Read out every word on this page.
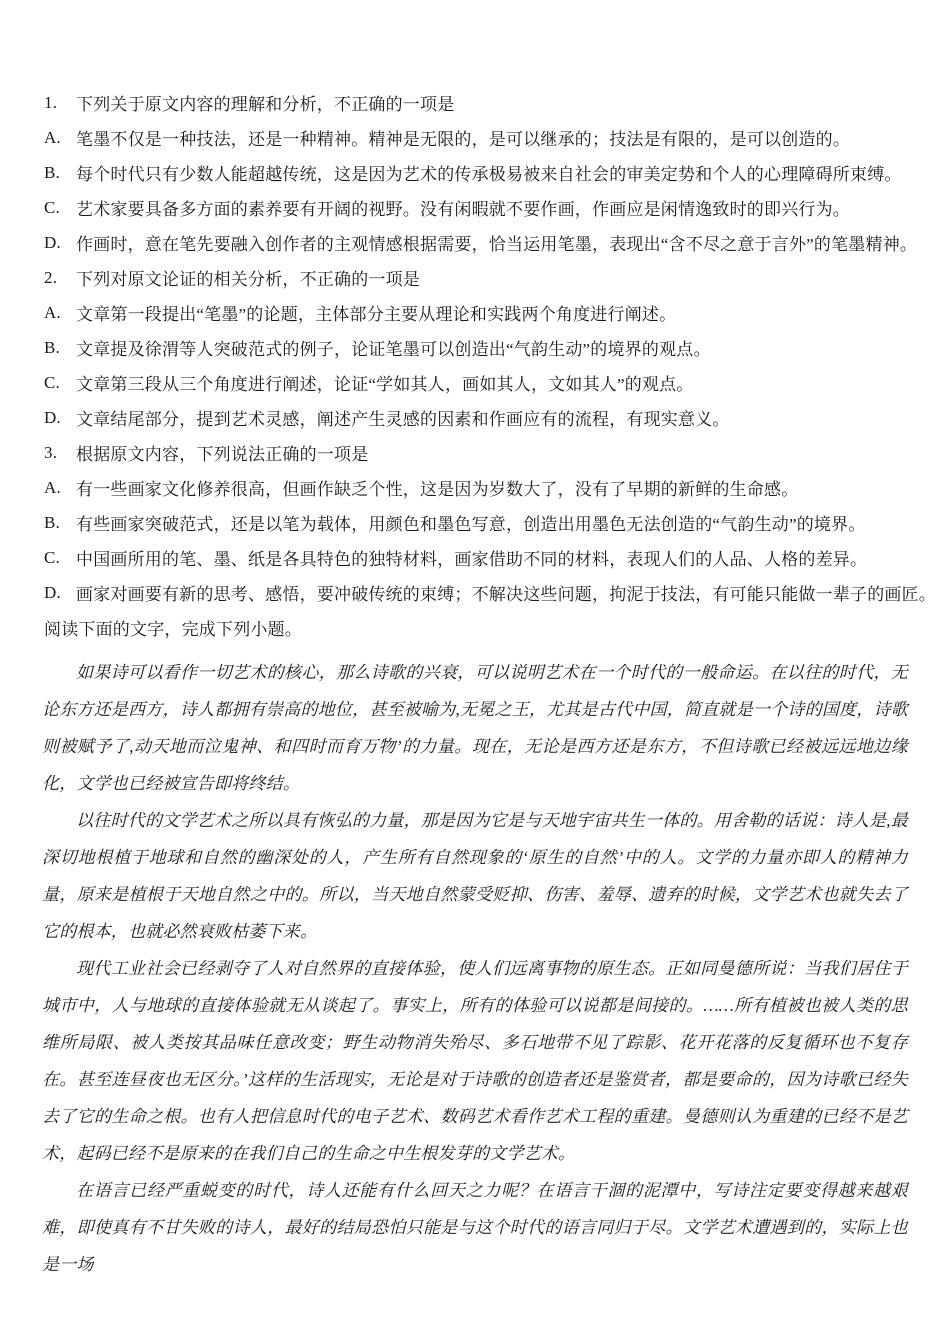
1.	下列关于原文内容的理解和分析，不正确的一项是
A. 笔墨不仅是一种技法，还是一种精神。精神是无限的，是可以继承的；技法是有限的，是可以创造的。
B. 每个时代只有少数人能超越传统，这是因为艺术的传承极易被来自社会的审美定势和个人的心理障碍所束缚。
C. 艺术家要具备多方面的素养要有开阔的视野。没有闲暇就不要作画，作画应是闲情逸致时的即兴行为。
D. 作画时，意在笔先要融入创作者的主观情感根据需要，恰当运用笔墨，表现出“含不尽之意于言外”的笔墨精神。
2.	下列对原文论证的相关分析，不正确的一项是
A. 文章第一段提出“笔墨”的论题，主体部分主要从理论和实践两个角度进行阐述。
B. 文章提及徐渭等人突破范式的例子，论证笔墨可以创造出“气韵生动”的境界的观点。
C. 文章第三段从三个角度进行阐述，论证“学如其人，画如其人，文如其人”的观点。
D. 文章结尾部分，提到艺术灵感，阐述产生灵感的因素和作画应有的流程，有现实意义。
3.	根据原文内容，下列说法正确的一项是
A. 有一些画家文化修养很高，但画作缺乏个性，这是因为岁数大了，没有了早期的新鲜的生命感。
B. 有些画家突破范式，还是以笔为载体，用颜色和墨色写意，创造出用墨色无法创造的“气韵生动”的境界。
C. 中国画所用的笔、墨、纸是各具特色的独特材料，画家借助不同的材料，表现人们的人品、人格的差异。
D. 画家对画要有新的思考、感悟，要冲破传统的束缚；不解决这些问题，拘泥于技法，有可能只能做一辈子的画匠。
阅读下面的文字，完成下列小题。

如果诗可以看作一切艺术的核心，那么诗歌的兴衰，可以说明艺术在一个时代的一般命运。在以往的时代，无论东方还是西方，诗人都拥有崇高的地位，甚至被喻为,无冕之王，尤其是古代中国，简直就是一个诗的国度，诗歌则被赋予了,动天地而泣鬼神、和四时而育万物’的力量。现在，无论是西方还是东方，不但诗歌已经被远远地边缘化，文学也已经被宣告即将终结。

以往时代的文学艺术之所以具有恢弘的力量，那是因为它是与天地宇宙共生一体的。用舍勒的话说：诗人是,最深切地根植于地球和自然的幽深处的人，产生所有自然现象的‘原生的自然’中的人。文学的力量亦即人的精神力量，原来是植根于天地自然之中的。所以，当天地自然蒙受贬抑、伤害、羞辱、遗弃的时候，文学艺术也就失去了它的根本，也就必然衰败枯萎下来。

现代工业社会已经剥夺了人对自然界的直接体验，使人们远离事物的原生态。正如同曼德所说：当我们居住于城市中，人与地球的直接体验就无从谈起了。事实上，所有的体验可以说都是间接的。……所有植被也被人类的思维所局限、被人类按其品味任意改变；野生动物消失殆尽、多石地带不见了踪影、花开花落的反复循环也不复存在。甚至连昼夜也无区分。’这样的生活现实，无论是对于诗歌的创造者还是鉴赏者，都是要命的，因为诗歌已经失去了它的生命之根。也有人把信息时代的电子艺术、数码艺术看作艺术工程的重建。曼德则认为重建的已经不是艺术，起码已经不是原来的在我们自己的生命之中生根发芽的文学艺术。

在语言已经严重蜕变的时代，诗人还能有什么回天之力呢？在语言干涸的泥潭中，写诗注定要变得越来越艰难，即使真有不甘失败的诗人，最好的结局恐怕只能是与这个时代的语言同归于尽。文学艺术遭遇到的，实际上也是一场
